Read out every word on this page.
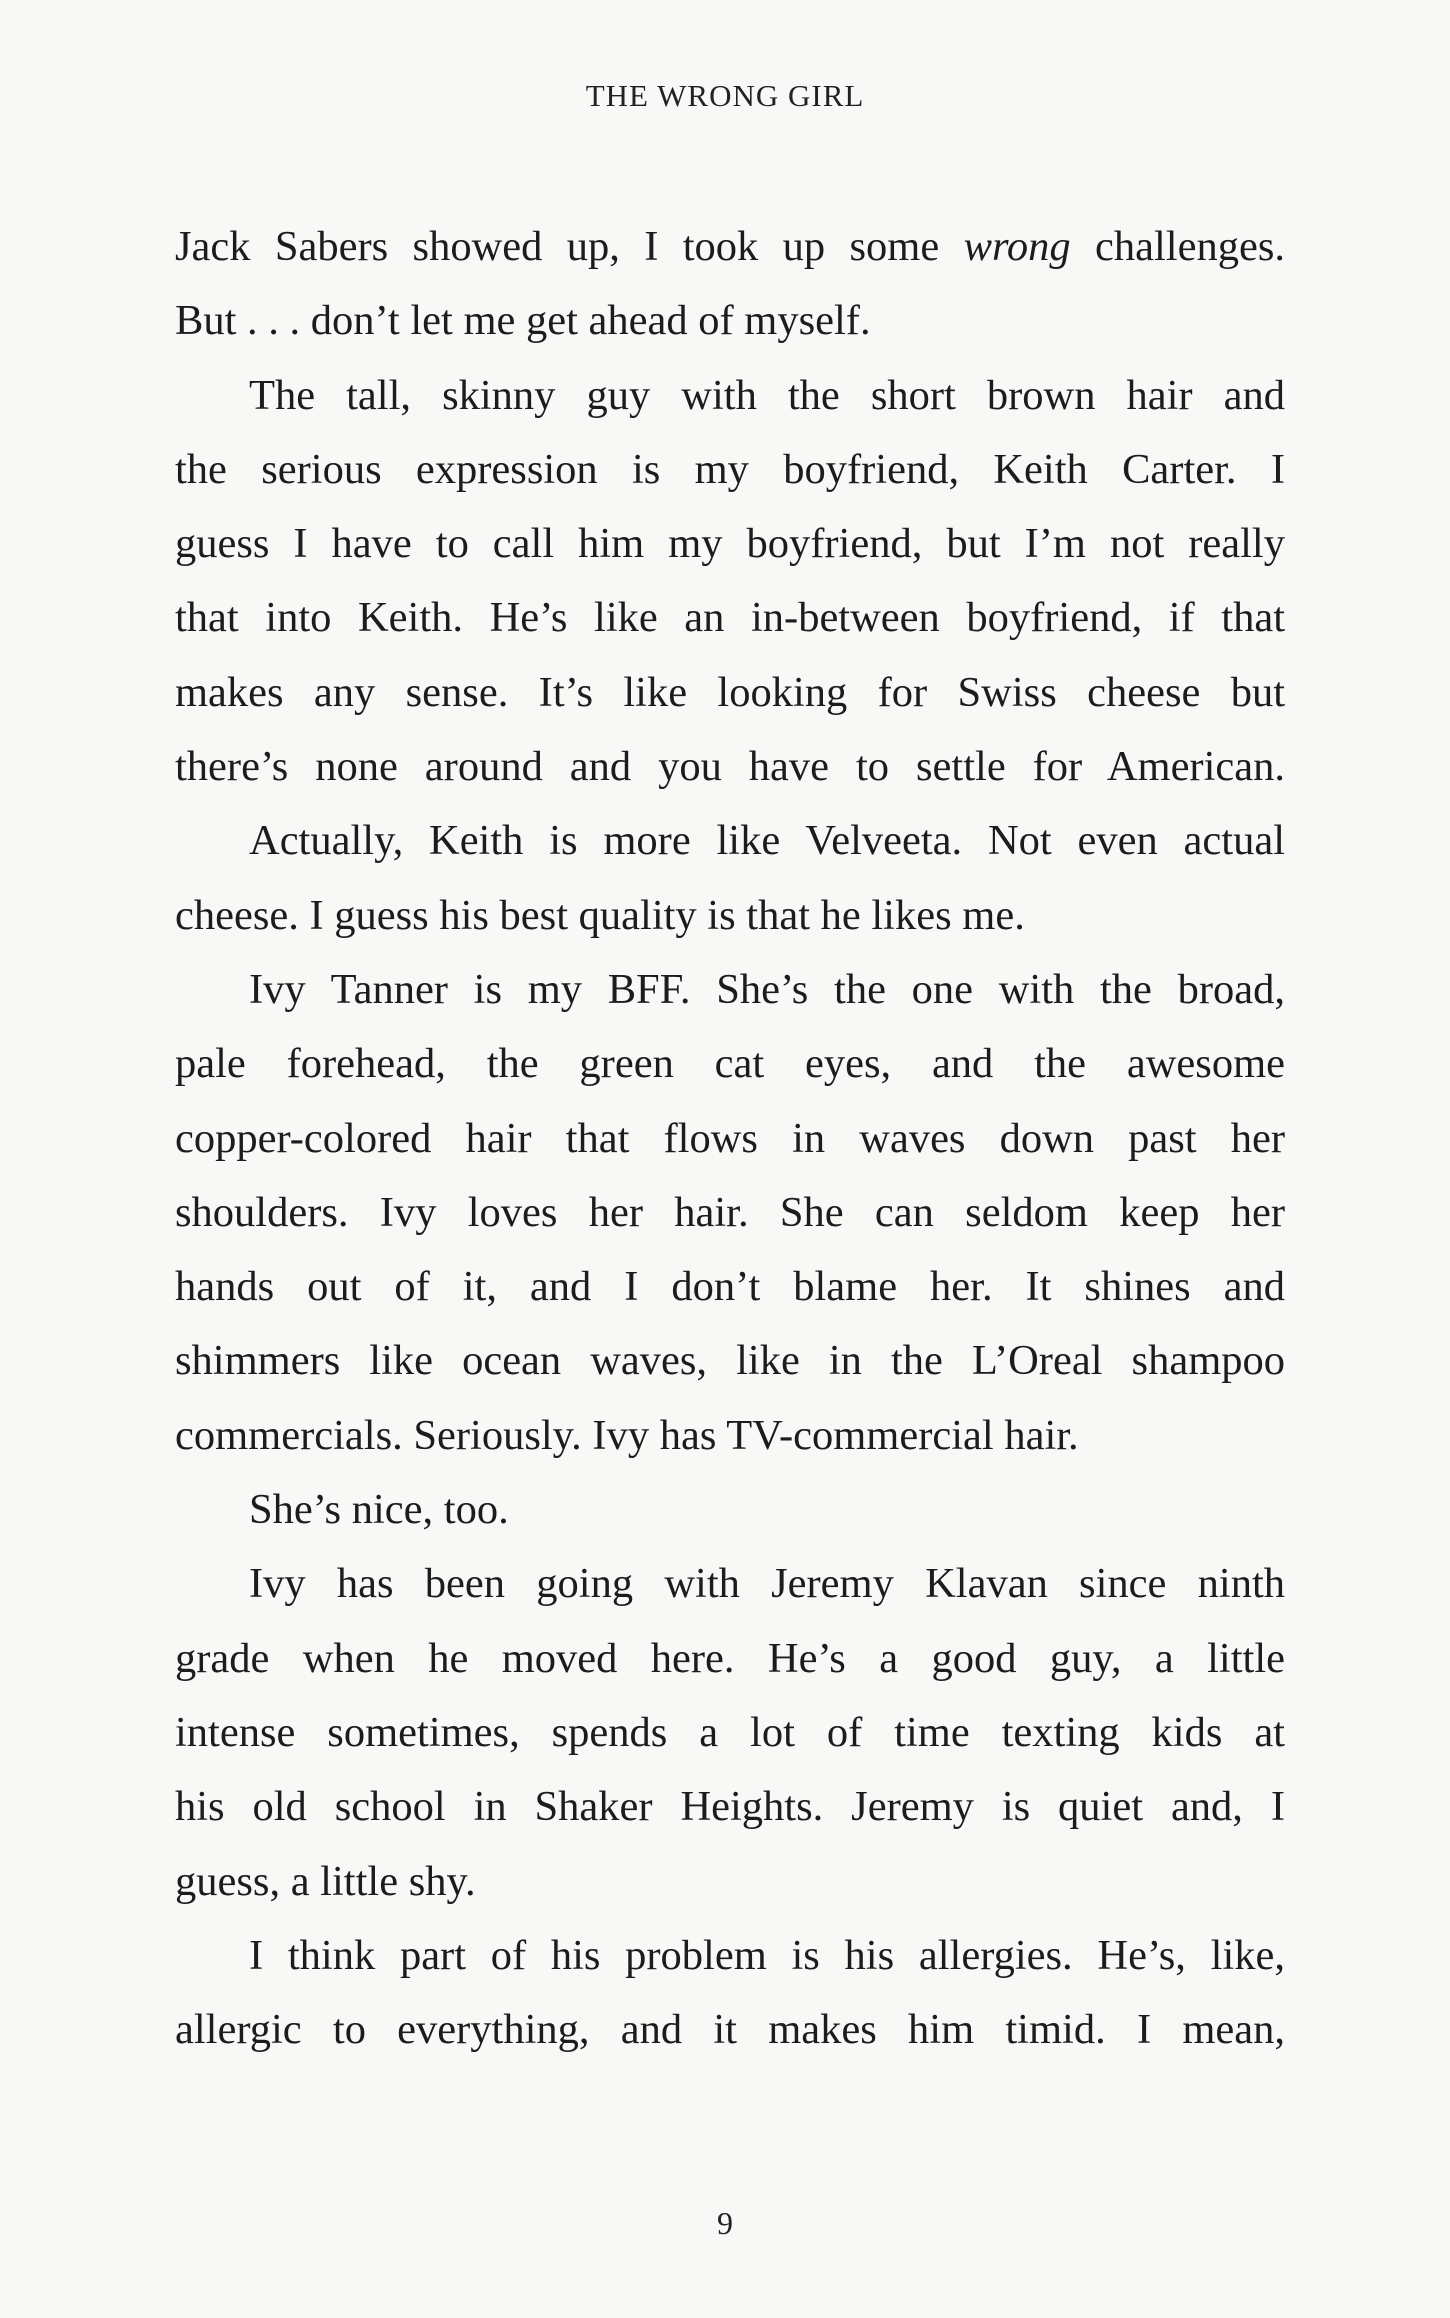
THE WRONG GIRL
Jack Sabers showed up, I took up some wrong challenges.
But . . . don’t let me get ahead of myself.
The tall, skinny guy with the short brown hair and
the serious expression is my boyfriend, Keith Carter. I
guess I have to call him my boyfriend, but I’m not really
that into Keith. He’s like an in-between boyfriend, if that
makes any sense. It’s like looking for Swiss cheese but
there’s none around and you have to settle for American.
Actually, Keith is more like Velveeta. Not even actual
cheese. I guess his best quality is that he likes me.
Ivy Tanner is my BFF. She’s the one with the broad,
pale forehead, the green cat eyes, and the awesome
copper-colored hair that flows in waves down past her
shoulders. Ivy loves her hair. She can seldom keep her
hands out of it, and I don’t blame her. It shines and
shimmers like ocean waves, like in the L’Oreal shampoo
commercials. Seriously. Ivy has TV-commercial hair.
She’s nice, too.
Ivy has been going with Jeremy Klavan since ninth
grade when he moved here. He’s a good guy, a little
intense sometimes, spends a lot of time texting kids at
his old school in Shaker Heights. Jeremy is quiet and, I
guess, a little shy.
I think part of his problem is his allergies. He’s, like,
allergic to everything, and it makes him timid. I mean,
9
